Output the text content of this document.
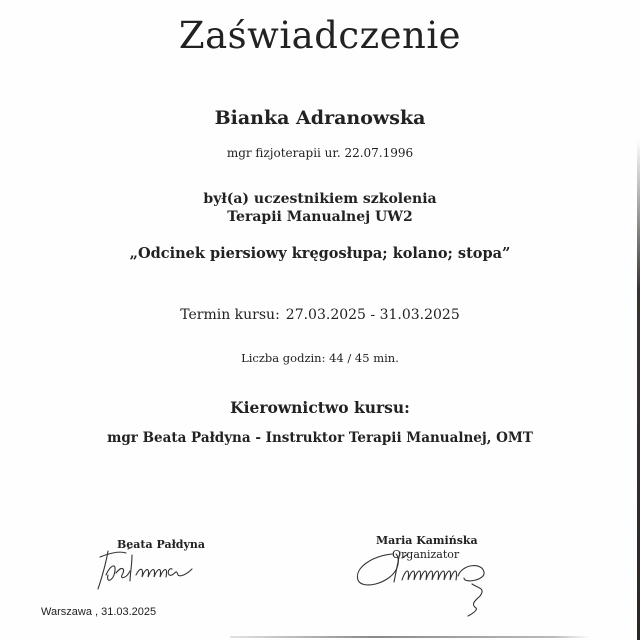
Zaświadczenie
Bianka Adranowska
mgr fizjoterapii ur. 22.07.1996
był(a) uczestnikiem szkolenia
Terapii Manualnej UW2
„Odcinek piersiowy kręgosłupa; kolano; stopa”
Termin kursu: 27.03.2025 - 31.03.2025
Liczba godzin: 44 / 45 min.
Kierownictwo kursu:
mgr Beata Pałdyna - Instruktor Terapii Manualnej, OMT
Beata Pałdyna	Maria Kamińska
Organizator
Warszawa , 31.03.2025
